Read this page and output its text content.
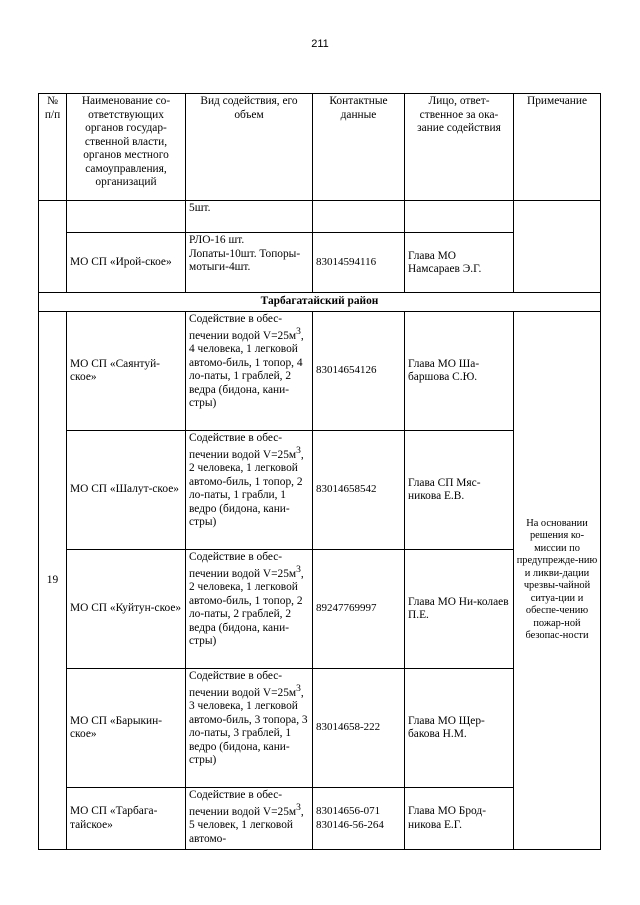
211
№ п/п	Наименование со-ответствующих органов государ-ственной власти, органов местного самоуправления, организаций	Вид содействия, его объем	Контактные данные	Лицо, ответ-ственное за ока-зание содействия	Примечание
		5шт.			
	МО СП «Ирой-ское»	РЛО-16 шт. Лопаты-10шт. Топоры-мотыги-4шт.	83014594116	Глава МО Намсараев Э.Г.	
Тарбагатайский район					
19	МО СП «Саянтуй-ское»	Содействие в обес-печении водой $V=25м^3$, 4 человека, 1 легковой автомо-биль, 1 топор, 4 ло-паты, 1 граблей, 2 ведра (бидона, кани-стры)	83014654126	Глава МО Ша-баршова С.Ю.	На основании решения ко-миссии по предупрежде-нию и ликви-дации чрезвы-чайной ситуа-ции и обеспе-чению пожар-ной безопас-ности
	МО СП «Шалут-ское»	Содействие в обес-печении водой $V=25м^3$, 2 человека, 1 легковой автомо-биль, 1 топор, 2 ло-паты, 1 грабли, 1 ведро (бидона, кани-стры)	83014658542	Глава СП Мяс-никова Е.В.	
	МО СП «Куйтун-ское»	Содействие в обес-печении водой $V=25м^3$, 2 человека, 1 легковой автомо-биль, 1 топор, 2 ло-паты, 2 граблей, 2 ведра (бидона, кани-стры)	89247769997	Глава МО Ни-колаев П.Е.	
	МО СП «Барыкин-ское»	Содействие в обес-печении водой $V=25м^3$, 3 человека, 1 легковой автомо-биль, 3 топора, 3 ло-паты, 3 граблей, 1 ведро (бидона, кани-стры)	83014658-222	Глава МО Щер-бакова Н.М.	
	МО СП «Тарбага-тайское»	Содействие в обес-печении водой $V=25м^3$, 5 человек, 1 легковой автомо-	83014656-071 830146-56-264	Глава МО Брод-никова Е.Г.	
